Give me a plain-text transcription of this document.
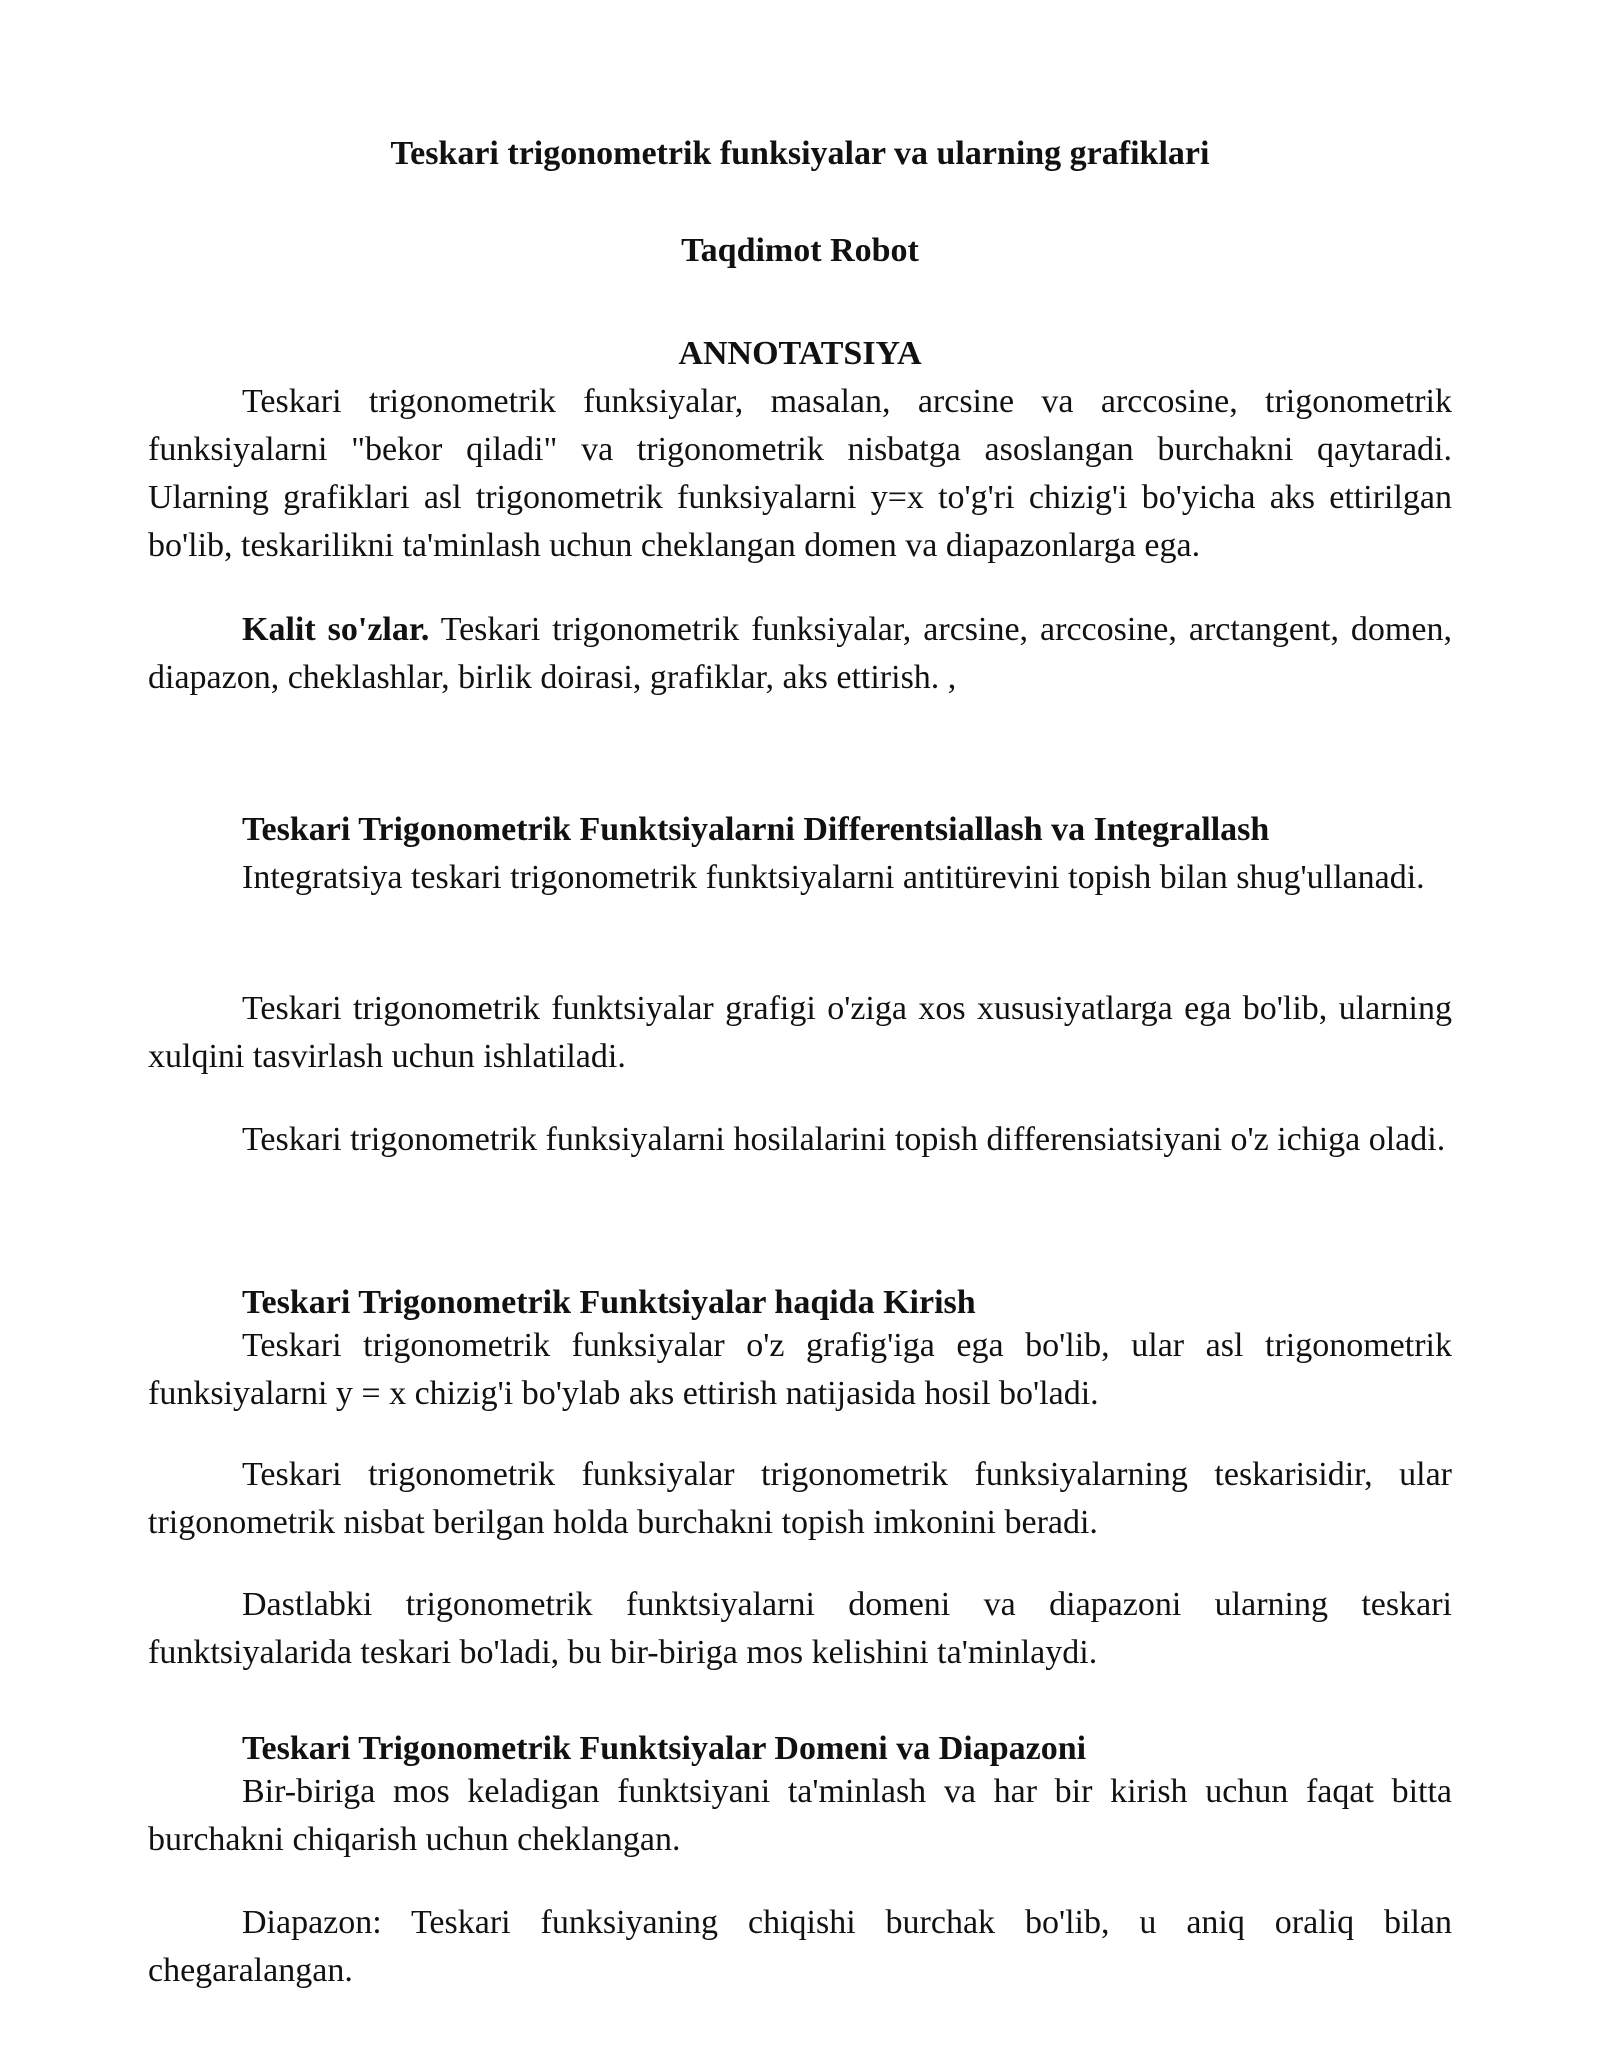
Teskari trigonometrik funksiyalar va ularning grafiklari
Taqdimot Robot
ANNOTATSIYA

Teskari trigonometrik funksiyalar, masalan, arcsine va arccosine, trigonometrik funksiyalarni "bekor qiladi" va trigonometrik nisbatga asoslangan burchakni qaytaradi. Ularning grafiklari asl trigonometrik funksiyalarni y=x to'g'ri chizig'i bo'yicha aks ettirilgan bo'lib, teskarilikni ta'minlash uchun cheklangan domen va diapazonlarga ega.

Kalit so'zlar. Teskari trigonometrik funksiyalar, arcsine, arccosine, arctangent, domen, diapazon, cheklashlar, birlik doirasi, grafiklar, aks ettirish. ,

Teskari Trigonometrik Funktsiyalarni Differentsiallash va Integrallash

Integratsiya teskari trigonometrik funktsiyalarni antitürevini topish bilan shug'ullanadi.

Teskari trigonometrik funktsiyalar grafigi o'ziga xos xususiyatlarga ega bo'lib, ularning xulqini tasvirlash uchun ishlatiladi.

Teskari trigonometrik funksiyalarni hosilalarini topish differensiatsiyani o'z ichiga oladi.

Teskari Trigonometrik Funktsiyalar haqida Kirish

Teskari trigonometrik funksiyalar o'z grafig'iga ega bo'lib, ular asl trigonometrik funksiyalarni y = x chizig'i bo'ylab aks ettirish natijasida hosil bo'ladi.

Teskari trigonometrik funksiyalar trigonometrik funksiyalarning teskarisidir, ular trigonometrik nisbat berilgan holda burchakni topish imkonini beradi.

Dastlabki trigonometrik funktsiyalarni domeni va diapazoni ularning teskari funktsiyalarida teskari bo'ladi, bu bir-biriga mos kelishini ta'minlaydi.

Teskari Trigonometrik Funktsiyalar Domeni va Diapazoni

Bir-biriga mos keladigan funktsiyani ta'minlash va har bir kirish uchun faqat bitta burchakni chiqarish uchun cheklangan.

Diapazon: Teskari funksiyaning chiqishi burchak bo'lib, u aniq oraliq bilan chegaralangan.
